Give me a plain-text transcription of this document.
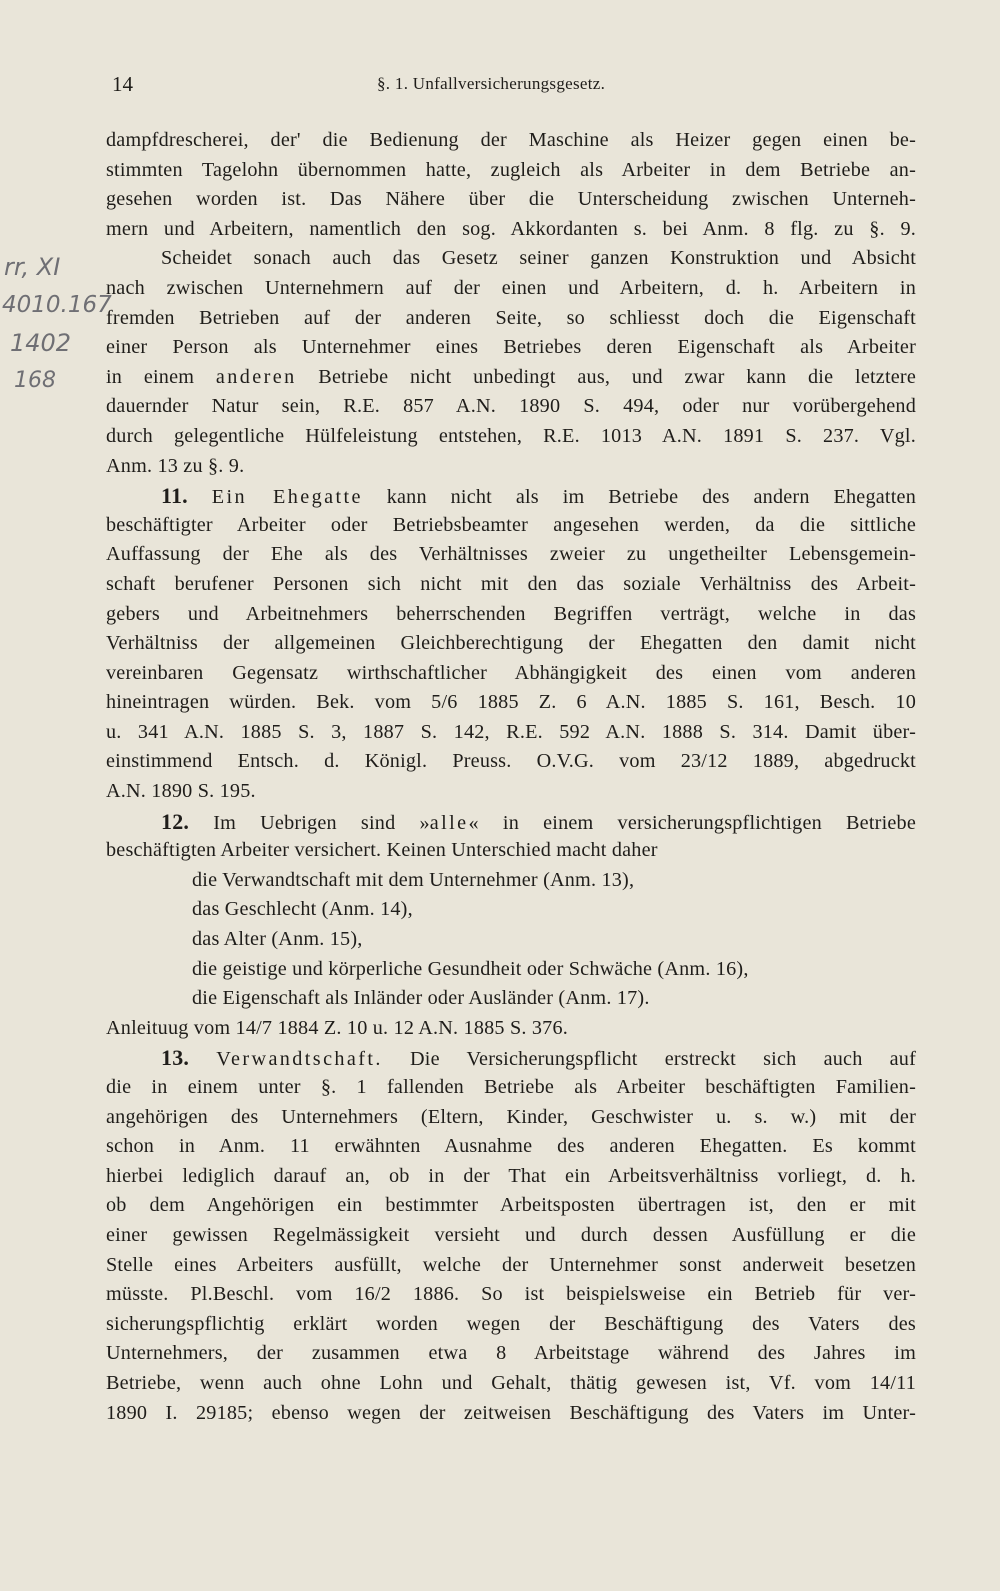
14	§. 1. Unfallversicherungsgesetz.
rr, XI
4010.167
1402
168
dampfdrescherei, der' die Bedienung der Maschine als Heizer gegen einen be-
stimmten Tagelohn übernommen hatte, zugleich als Arbeiter in dem Betriebe an-
gesehen worden ist. Das Nähere über die Unterscheidung zwischen Unterneh-
mern und Arbeitern, namentlich den sog. Akkordanten s. bei Anm. 8 flg. zu §. 9.
Scheidet sonach auch das Gesetz seiner ganzen Konstruktion und Absicht
nach zwischen Unternehmern auf der einen und Arbeitern, d. h. Arbeitern in
fremden Betrieben auf der anderen Seite, so schliesst doch die Eigenschaft
einer Person als Unternehmer eines Betriebes deren Eigenschaft als Arbeiter
in einem anderen Betriebe nicht unbedingt aus, und zwar kann die letztere
dauernder Natur sein, R.E. 857 A.N. 1890 S. 494, oder nur vorübergehend
durch gelegentliche Hülfeleistung entstehen, R.E. 1013 A.N. 1891 S. 237. Vgl.
Anm. 13 zu §. 9.
11. Ein Ehegatte kann nicht als im Betriebe des andern Ehegatten
beschäftigter Arbeiter oder Betriebsbeamter angesehen werden, da die sittliche
Auffassung der Ehe als des Verhältnisses zweier zu ungetheilter Lebensgemein-
schaft berufener Personen sich nicht mit den das soziale Verhältniss des Arbeit-
gebers und Arbeitnehmers beherrschenden Begriffen verträgt, welche in das
Verhältniss der allgemeinen Gleichberechtigung der Ehegatten den damit nicht
vereinbaren Gegensatz wirthschaftlicher Abhängigkeit des einen vom anderen
hineintragen würden. Bek. vom 5/6 1885 Z. 6 A.N. 1885 S. 161, Besch. 10
u. 341 A.N. 1885 S. 3, 1887 S. 142, R.E. 592 A.N. 1888 S. 314. Damit über-
einstimmend Entsch. d. Königl. Preuss. O.V.G. vom 23/12 1889, abgedruckt
A.N. 1890 S. 195.
12. Im Uebrigen sind »alle« in einem versicherungspflichtigen Betriebe
beschäftigten Arbeiter versichert. Keinen Unterschied macht daher
die Verwandtschaft mit dem Unternehmer (Anm. 13),
das Geschlecht (Anm. 14),
das Alter (Anm. 15),
die geistige und körperliche Gesundheit oder Schwäche (Anm. 16),
die Eigenschaft als Inländer oder Ausländer (Anm. 17).
Anleituug vom 14/7 1884 Z. 10 u. 12 A.N. 1885 S. 376.
13. Verwandtschaft. Die Versicherungspflicht erstreckt sich auch auf
die in einem unter §. 1 fallenden Betriebe als Arbeiter beschäftigten Familien-
angehörigen des Unternehmers (Eltern, Kinder, Geschwister u. s. w.) mit der
schon in Anm. 11 erwähnten Ausnahme des anderen Ehegatten. Es kommt
hierbei lediglich darauf an, ob in der That ein Arbeitsverhältniss vorliegt, d. h.
ob dem Angehörigen ein bestimmter Arbeitsposten übertragen ist, den er mit
einer gewissen Regelmässigkeit versieht und durch dessen Ausfüllung er die
Stelle eines Arbeiters ausfüllt, welche der Unternehmer sonst anderweit besetzen
müsste. Pl.Beschl. vom 16/2 1886. So ist beispielsweise ein Betrieb für ver-
sicherungspflichtig erklärt worden wegen der Beschäftigung des Vaters des
Unternehmers, der zusammen etwa 8 Arbeitstage während des Jahres im
Betriebe, wenn auch ohne Lohn und Gehalt, thätig gewesen ist, Vf. vom 14/11
1890 I. 29185; ebenso wegen der zeitweisen Beschäftigung des Vaters im Unter-
